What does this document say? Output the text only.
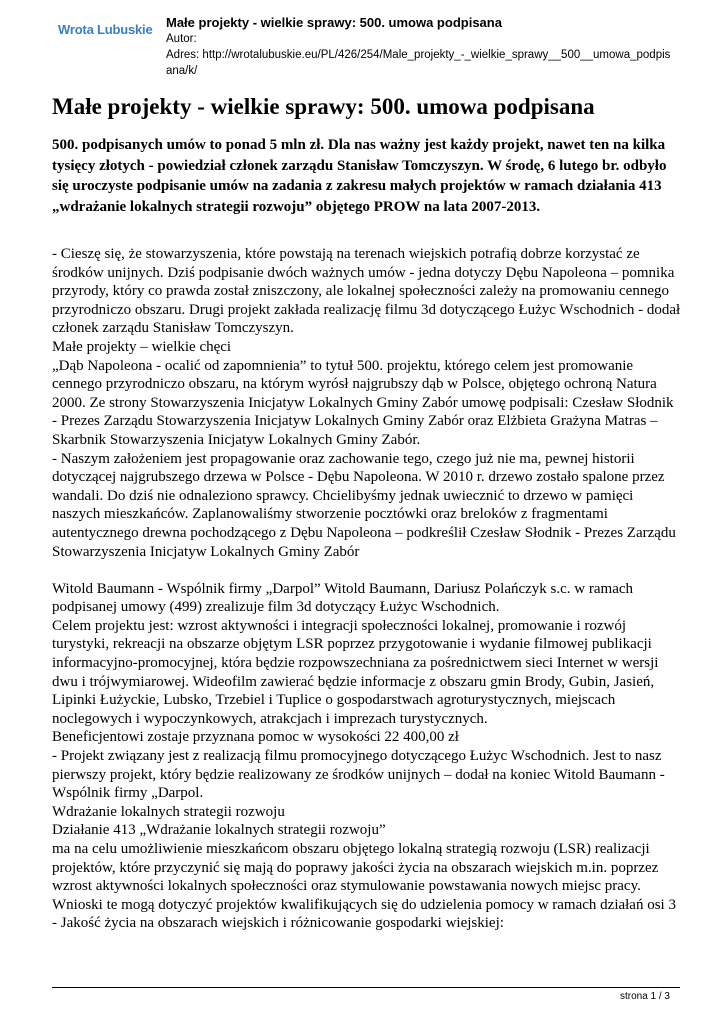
Wrota Lubuskie Małe projekty - wielkie sprawy: 500. umowa podpisana
Autor:
Adres: http://wrotalubuskie.eu/PL/426/254/Male_projekty_-_wielkie_sprawy__500__umowa_podpisana/k/
Małe projekty - wielkie sprawy: 500. umowa podpisana

500. podpisanych umów to ponad 5 mln zł. Dla nas ważny jest każdy projekt, nawet ten na kilka tysięcy złotych - powiedział członek zarządu Stanisław Tomczyszyn. W środę, 6 lutego br. odbyło się uroczyste podpisanie umów na zadania z zakresu małych projektów w ramach działania 413 „wdrażanie lokalnych strategii rozwoju” objętego PROW na lata 2007-2013.

- Cieszę się, że stowarzyszenia, które powstają na terenach wiejskich potrafią dobrze korzystać ze środków unijnych. Dziś podpisanie dwóch ważnych umów - jedna dotyczy Dębu Napoleona – pomnika przyrody, który co prawda został zniszczony, ale lokalnej społeczności zależy na promowaniu cennego przyrodniczo obszaru. Drugi projekt zakłada realizację filmu 3d dotyczącego Łużyc Wschodnich - dodał członek zarządu Stanisław Tomczyszyn.

Małe projekty – wielkie chęci

„Dąb Napoleona - ocalić od zapomnienia” to tytuł 500. projektu, którego celem jest promowanie cennego przyrodniczo obszaru, na którym wyrósł najgrubszy dąb w Polsce, objętego ochroną Natura 2000. Ze strony Stowarzyszenia Inicjatyw Lokalnych Gminy Zabór umowę podpisali: Czesław Słodnik - Prezes Zarządu Stowarzyszenia Inicjatyw Lokalnych Gminy Zabór oraz Elżbieta Grażyna Matras – Skarbnik Stowarzyszenia Inicjatyw Lokalnych Gminy Zabór.

- Naszym założeniem jest propagowanie oraz zachowanie tego, czego już nie ma, pewnej historii dotyczącej najgrubszego drzewa w Polsce - Dębu Napoleona. W 2010 r. drzewo zostało spalone przez wandali. Do dziś nie odnaleziono sprawcy. Chcielibyśmy jednak uwiecznić to drzewo w pamięci naszych mieszkańców. Zaplanowaliśmy stworzenie pocztówki oraz breloków z fragmentami autentycznego drewna pochodzącego z Dębu Napoleona – podkreślił Czesław Słodnik - Prezes Zarządu Stowarzyszenia Inicjatyw Lokalnych Gminy Zabór

Witold Baumann - Wspólnik firmy „Darpol” Witold Baumann, Dariusz Polańczyk s.c. w ramach podpisanej umowy (499) zrealizuje film 3d dotyczący Łużyc Wschodnich.

Celem projektu jest: wzrost aktywności i integracji społeczności lokalnej, promowanie i rozwój turystyki, rekreacji na obszarze objętym LSR poprzez przygotowanie i wydanie filmowej publikacji informacyjno-promocyjnej, która będzie rozpowszechniana za pośrednictwem sieci Internet w wersji dwu i trójwymiarowej. Wideofilm zawierać będzie informacje z obszaru gmin Brody, Gubin, Jasień, Lipinki Łużyckie, Lubsko, Trzebiel i Tuplice o gospodarstwach agroturystycznych, miejscach noclegowych i wypoczynkowych, atrakcjach i imprezach turystycznych.

Beneficjentowi zostaje przyznana pomoc w wysokości 22 400,00 zł

- Projekt związany jest z realizacją filmu promocyjnego dotyczącego Łużyc Wschodnich. Jest to nasz pierwszy projekt, który będzie realizowany ze środków unijnych – dodał na koniec Witold Baumann - Wspólnik firmy „Darpol.

Wdrażanie lokalnych strategii rozwoju

Działanie 413 „Wdrażanie lokalnych strategii rozwoju”

ma na celu umożliwienie mieszkańcom obszaru objętego lokalną strategią rozwoju (LSR) realizacji projektów, które przyczynić się mają do poprawy jakości życia na obszarach wiejskich m.in. poprzez wzrost aktywności lokalnych społeczności oraz stymulowanie powstawania nowych miejsc pracy.

Wnioski te mogą dotyczyć projektów kwalifikujących się do udzielenia pomocy w ramach działań osi 3 - Jakość życia na obszarach wiejskich i różnicowanie gospodarki wiejskiej:

strona 1 / 3
